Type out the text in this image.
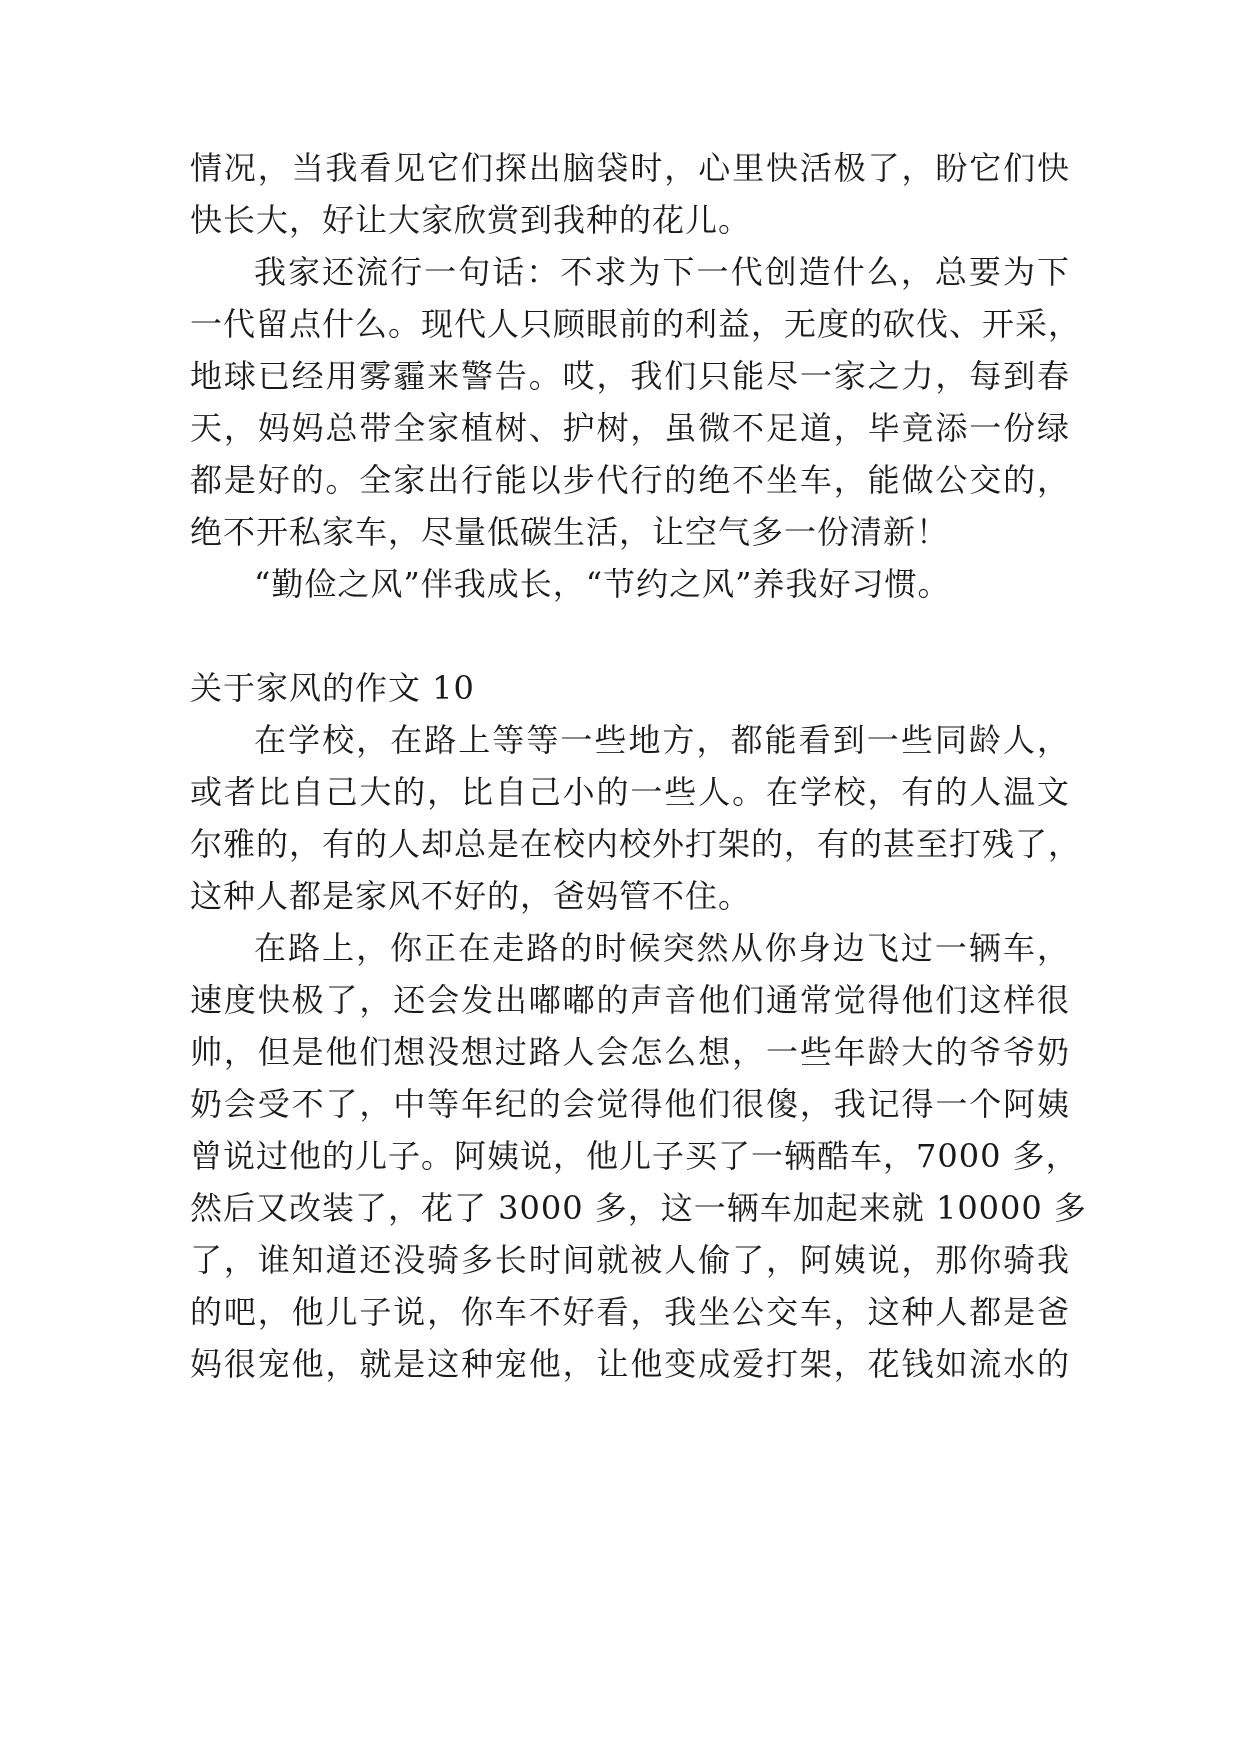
情况，当我看见它们探出脑袋时，心里快活极了，盼它们快
快长大，好让大家欣赏到我种的花儿。
我家还流行一句话：不求为下一代创造什么，总要为下
一代留点什么。现代人只顾眼前的利益，无度的砍伐、开采，
地球已经用雾霾来警告。哎，我们只能尽一家之力，每到春
天，妈妈总带全家植树、护树，虽微不足道，毕竟添一份绿
都是好的。全家出行能以步代行的绝不坐车，能做公交的，
绝不开私家车，尽量低碳生活，让空气多一份清新！
“勤俭之风”伴我成长，“节约之风”养我好习惯。
关于家风的作文 10
在学校，在路上等等一些地方，都能看到一些同龄人，
或者比自己大的，比自己小的一些人。在学校，有的人温文
尔雅的，有的人却总是在校内校外打架的，有的甚至打残了，
这种人都是家风不好的，爸妈管不住。
在路上，你正在走路的时候突然从你身边飞过一辆车，
速度快极了，还会发出嘟嘟的声音他们通常觉得他们这样很
帅，但是他们想没想过路人会怎么想，一些年龄大的爷爷奶
奶会受不了，中等年纪的会觉得他们很傻，我记得一个阿姨
曾说过他的儿子。阿姨说，他儿子买了一辆酷车，7000 多，
然后又改装了，花了 3000 多，这一辆车加起来就 10000 多
了，谁知道还没骑多长时间就被人偷了，阿姨说，那你骑我
的吧，他儿子说，你车不好看，我坐公交车，这种人都是爸
妈很宠他，就是这种宠他，让他变成爱打架，花钱如流水的
